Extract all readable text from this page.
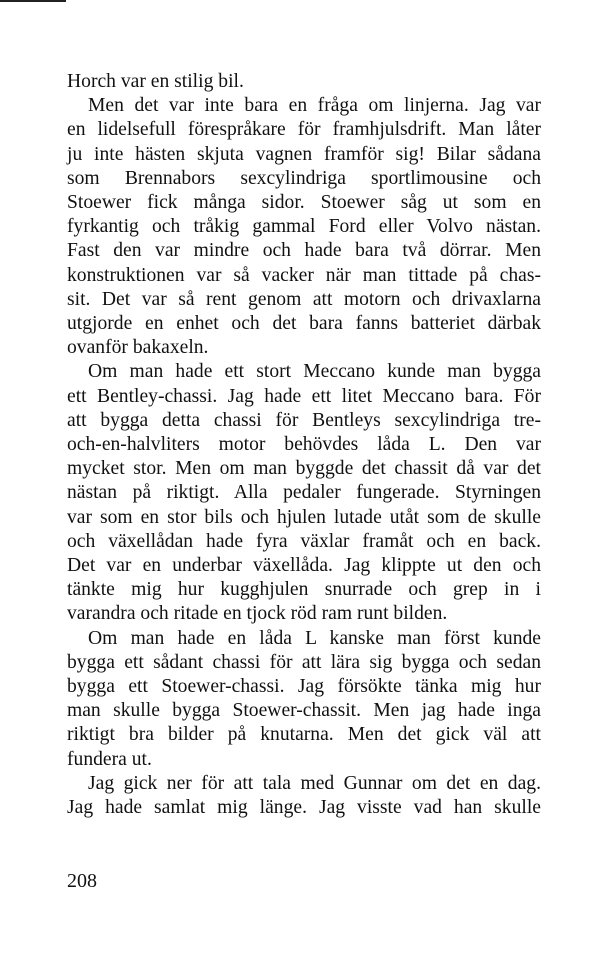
Horch var en stilig bil.
Men det var inte bara en fråga om linjerna. Jag var
en lidelsefull förespråkare för framhjulsdrift. Man låter
ju inte hästen skjuta vagnen framför sig! Bilar sådana
som Brennabors sexcylindriga sportlimousine och
Stoewer fick många sidor. Stoewer såg ut som en
fyrkantig och tråkig gammal Ford eller Volvo nästan.
Fast den var mindre och hade bara två dörrar. Men
konstruktionen var så vacker när man tittade på chas-
sit. Det var så rent genom att motorn och drivaxlarna
utgjorde en enhet och det bara fanns batteriet därbak
ovanför bakaxeln.
Om man hade ett stort Meccano kunde man bygga
ett Bentley-chassi. Jag hade ett litet Meccano bara. För
att bygga detta chassi för Bentleys sexcylindriga tre-
och-en-halvliters motor behövdes låda L. Den var
mycket stor. Men om man byggde det chassit då var det
nästan på riktigt. Alla pedaler fungerade. Styrningen
var som en stor bils och hjulen lutade utåt som de skulle
och växellådan hade fyra växlar framåt och en back.
Det var en underbar växellåda. Jag klippte ut den och
tänkte mig hur kugghjulen snurrade och grep in i
varandra och ritade en tjock röd ram runt bilden.
Om man hade en låda L kanske man först kunde
bygga ett sådant chassi för att lära sig bygga och sedan
bygga ett Stoewer-chassi. Jag försökte tänka mig hur
man skulle bygga Stoewer-chassit. Men jag hade inga
riktigt bra bilder på knutarna. Men det gick väl att
fundera ut.
Jag gick ner för att tala med Gunnar om det en dag.
Jag hade samlat mig länge. Jag visste vad han skulle
208
